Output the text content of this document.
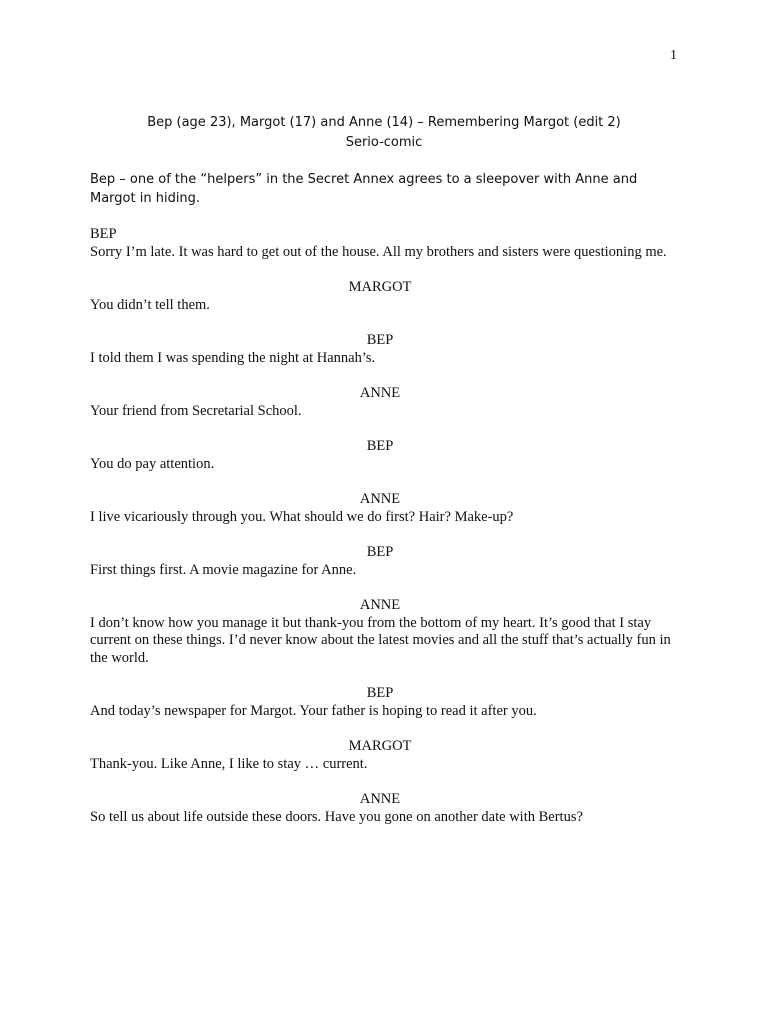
1
Bep (age 23), Margot (17) and Anne (14) – Remembering Margot (edit 2)
Serio-comic
Bep – one of the “helpers” in the Secret Annex agrees to a sleepover with Anne and Margot in hiding.
BEP
Sorry I’m late. It was hard to get out of the house. All my brothers and sisters were questioning me.
MARGOT
You didn’t tell them.
BEP
I told them I was spending the night at Hannah’s.
ANNE
Your friend from Secretarial School.
BEP
You do pay attention.
ANNE
I live vicariously through you. What should we do first? Hair? Make-up?
BEP
First things first. A movie magazine for Anne.
ANNE
I don’t know how you manage it but thank-you from the bottom of my heart. It’s good that I stay current on these things. I’d never know about the latest movies and all the stuff that’s actually fun in the world.
BEP
And today’s newspaper for Margot. Your father is hoping to read it after you.
MARGOT
Thank-you. Like Anne, I like to stay … current.
ANNE
So tell us about life outside these doors. Have you gone on another date with Bertus?
